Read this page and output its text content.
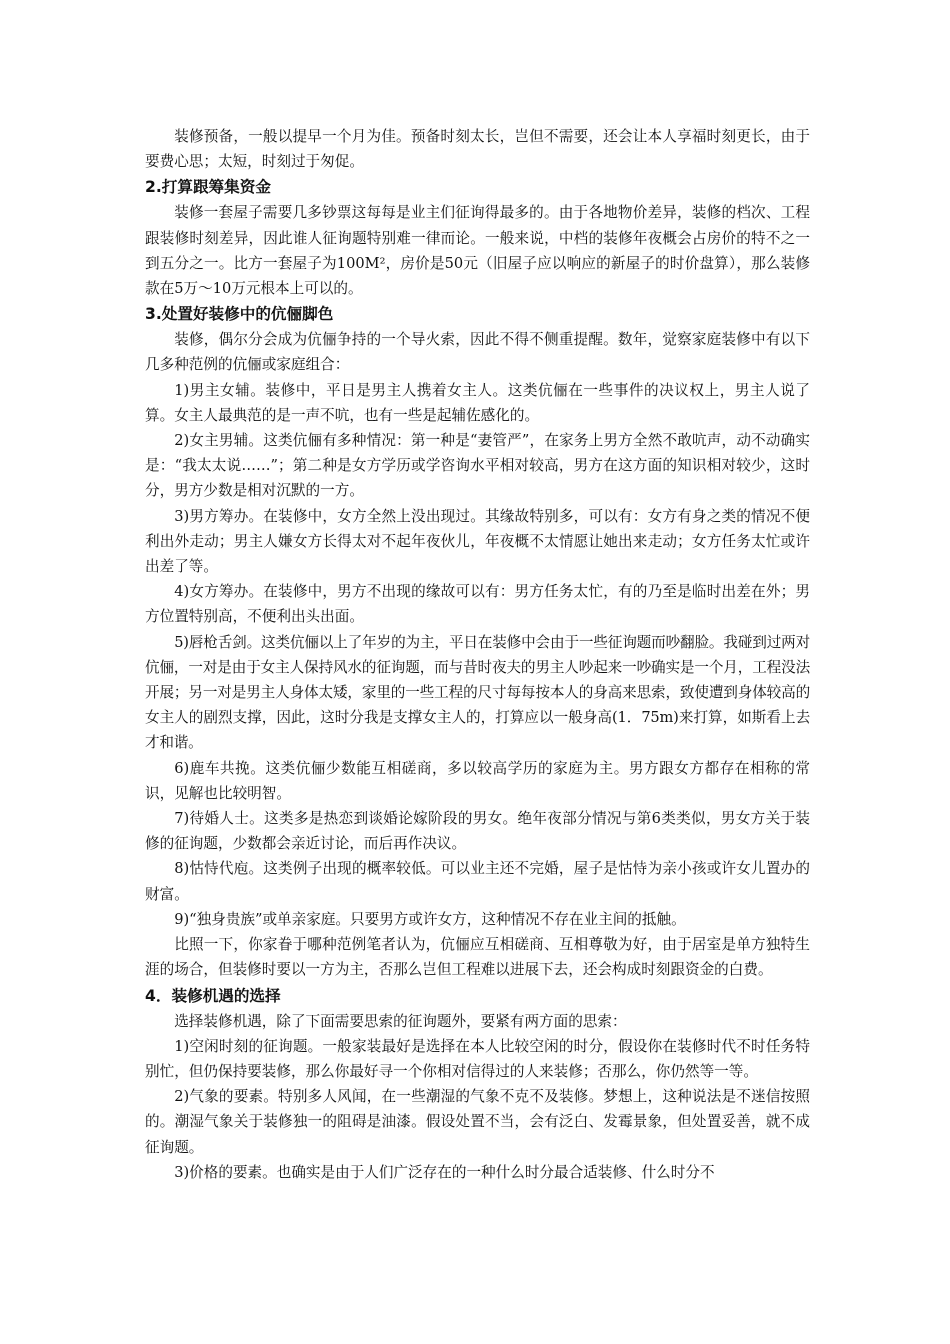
装修预备，一般以提早一个月为佳。预备时刻太长，岂但不需要，还会让本人享福时刻更长，由于要费心思；太短，时刻过于匆促。

2.打算跟筹集资金

装修一套屋子需要几多钞票这每每是业主们征询得最多的。由于各地物价差异，装修的档次、工程跟装修时刻差异，因此谁人征询题特别难一律而论。一般来说，中档的装修年夜概会占房价的特不之一到五分之一。比方一套屋子为100M²，房价是50元（旧屋子应以响应的新屋子的时价盘算），那么装修款在5万～10万元根本上可以的。

3.处置好装修中的伉俪脚色

装修，偶尔分会成为伉俪争持的一个导火索，因此不得不侧重提醒。数年，觉察家庭装修中有以下几多种范例的伉俪或家庭组合：

1)男主女辅。装修中，平日是男主人携着女主人。这类伉俪在一些事件的决议权上，男主人说了算。女主人最典范的是一声不吭，也有一些是起辅佐感化的。

2)女主男辅。这类伉俪有多种情况：第一种是“妻管严”，在家务上男方全然不敢吭声，动不动确实是：“我太太说……”；第二种是女方学历或学咨询水平相对较高，男方在这方面的知识相对较少，这时分，男方少数是相对沉默的一方。

3)男方筹办。在装修中，女方全然上没出现过。其缘故特别多，可以有：女方有身之类的情况不便利出外走动；男主人嫌女方长得太对不起年夜伙儿，年夜概不太情愿让她出来走动；女方任务太忙或许出差了等。

4)女方筹办。在装修中，男方不出现的缘故可以有：男方任务太忙，有的乃至是临时出差在外；男方位置特别高，不便利出头出面。

5)唇枪舌剑。这类伉俪以上了年岁的为主，平日在装修中会由于一些征询题而吵翻脸。我碰到过两对伉俪，一对是由于女主人保持风水的征询题，而与昔时夜夫的男主人吵起来一吵确实是一个月，工程没法开展；另一对是男主人身体太矮，家里的一些工程的尺寸每每按本人的身高来思索，致使遭到身体较高的女主人的剧烈支撑，因此，这时分我是支撑女主人的，打算应以一般身高(1．75m)来打算，如斯看上去才和谐。

6)鹿车共挽。这类伉俪少数能互相磋商，多以较高学历的家庭为主。男方跟女方都存在相称的常识，见解也比较明智。

7)待婚人士。这类多是热恋到谈婚论嫁阶段的男女。绝年夜部分情况与第6类类似，男女方关于装修的征询题，少数都会亲近讨论，而后再作决议。

8)怙恃代庖。这类例子出现的概率较低。可以业主还不完婚，屋子是怙恃为亲小孩或许女儿置办的财富。

9)“独身贵族”或单亲家庭。只要男方或许女方，这种情况不存在业主间的抵触。

比照一下，你家眷于哪种范例笔者认为，伉俪应互相磋商、互相尊敬为好，由于居室是单方独特生涯的场合，但装修时要以一方为主，否那么岂但工程难以进展下去，还会构成时刻跟资金的白费。

4．装修机遇的选择

选择装修机遇，除了下面需要思索的征询题外，要紧有两方面的思索：

1)空闲时刻的征询题。一般家装最好是选择在本人比较空闲的时分，假设你在装修时代不时任务特别忙，但仍保持要装修，那么你最好寻一个你相对信得过的人来装修；否那么，你仍然等一等。

2)气象的要素。特别多人风闻，在一些潮湿的气象不克不及装修。梦想上，这种说法是不迷信按照的。潮湿气象关于装修独一的阻碍是油漆。假设处置不当，会有泛白、发霉景象，但处置妥善，就不成征询题。

3)价格的要素。也确实是由于人们广泛存在的一种什么时分最合适装修、什么时分不
